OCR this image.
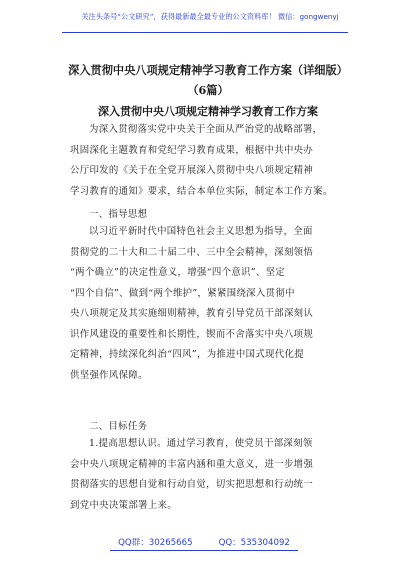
关注头条号“公文研究”，获得最新最全最专业的公文资料库！ 微信：gongwenyj
深入贯彻中央八项规定精神学习教育工作方案（详细版）
（6篇）
深入贯彻中央八项规定精神学习教育工作方案

为深入贯彻落实党中央关于全面从严治党的战略部署，

巩固深化主题教育和党纪学习教育成果，根据中共中央办

公厅印发的《关于在全党开展深入贯彻中央八项规定精神

学习教育的通知》要求，结合本单位实际，制定本工作方案。

一、指导思想

以习近平新时代中国特色社会主义思想为指导，全面

贯彻党的二十大和二十届二中、三中全会精神，深刻领悟

“两个确立”的决定性意义，增强“四个意识”、坚定

“四个自信”、做到“两个维护”，紧紧围绕深入贯彻中

央八项规定及其实施细则精神，教育引导党员干部深刻认

识作风建设的重要性和长期性，锲而不舍落实中央八项规

定精神，持续深化纠治“四风”，为推进中国式现代化提

供坚强作风保障。

二、目标任务

1.提高思想认识。通过学习教育，使党员干部深刻领

会中央八项规定精神的丰富内涵和重大意义，进一步增强

贯彻落实的思想自觉和行动自觉，切实把思想和行动统一

到党中央决策部署上来。

QQ群：30265665	QQ：535304092
